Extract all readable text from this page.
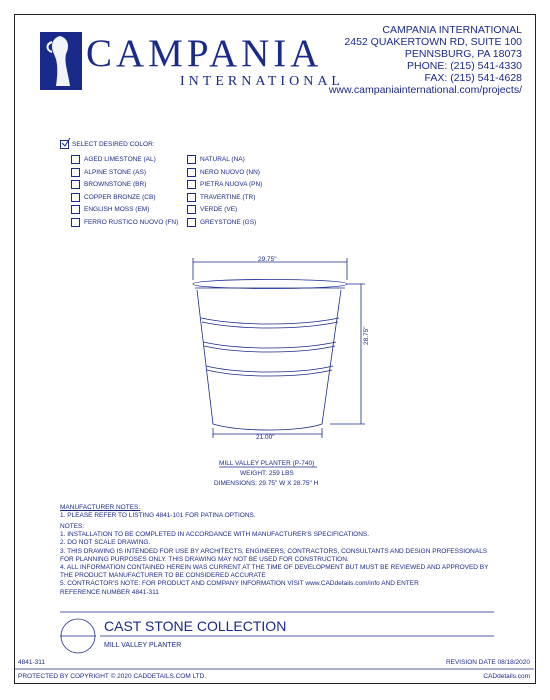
CAMPANIA
INTERNATIONAL
CAMPANIA INTERNATIONAL
2452 QUAKERTOWN RD, SUITE 100
PENNSBURG, PA 18073
PHONE: (215) 541-4330
FAX: (215) 541-4628
www.campaniainternational.com/projects/
SELECT DESIRED COLOR:
AGED LIMESTONE (AL)
ALPINE STONE (AS)
BROWNSTONE (BR)
COPPER BRONZE (CB)
ENGLISH MOSS (EM)
FERRO RUSTICO NUOVO (FN)
NATURAL (NA)
NERO NUOVO (NN)
PIETRA NUOVA (PN)
TRAVERTINE (TR)
VERDE (VE)
GREYSTONE (GS)
29.75"
28.75"
21.00"
MILL VALLEY PLANTER (P-740)
WEIGHT: 259 LBS
DIMENSIONS: 29.75" W X 28.75" H
MANUFACTURER NOTES:
1. PLEASE REFER TO LISTING 4841-101 FOR PATINA OPTIONS.
NOTES:
1. INSTALLATION TO BE COMPLETED IN ACCORDANCE WITH MANUFACTURER'S SPECIFICATIONS.
2. DO NOT SCALE DRAWING.
3. THIS DRAWING IS INTENDED FOR USE BY ARCHITECTS, ENGINEERS, CONTRACTORS, CONSULTANTS AND DESIGN PROFESSIONALS
FOR PLANNING PURPOSES ONLY. THIS DRAWING MAY NOT BE USED FOR CONSTRUCTION.
4. ALL INFORMATION CONTAINED HEREIN WAS CURRENT AT THE TIME OF DEVELOPMENT BUT MUST BE REVIEWED AND APPROVED BY
THE PRODUCT MANUFACTURER TO BE CONSIDERED ACCURATE
5. CONTRACTOR'S NOTE: FOR PRODUCT AND COMPANY INFORMATION VISIT www.CADdetails.com/info AND ENTER
REFERENCE NUMBER 4841-311
CAST STONE COLLECTION
MILL VALLEY PLANTER
4841-311	REVISION DATE 08/18/2020
PROTECTED BY COPYRIGHT © 2020 CADDETAILS.COM LTD.	CADdetails.com
